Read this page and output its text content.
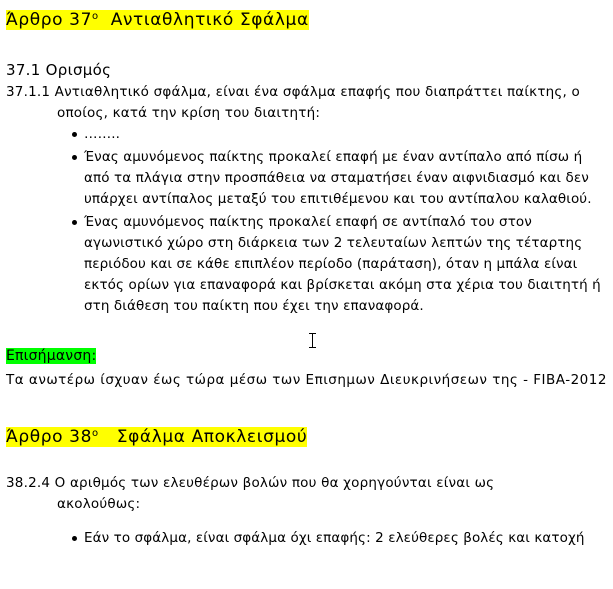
Άρθρο $37^o$ Αντιαθλητικό Σφάλμα
37.1 Ορισμός
37.1.1 Αντιαθλητικό σφάλμα, είναι ένα σφάλμα επαφής που διαπράττει παίκτης, ο
οποίος, κατά την κρίση του διαιτητή:
……..
Ένας αμυνόμενος παίκτης προκαλεί επαφή με έναν αντίπαλο από πίσω ή από τα πλάγια στην προσπάθεια να σταματήσει έναν αιφνιδιασμό και δεν υπάρχει αντίπαλος μεταξύ του επιτιθέμενου και του αντίπαλου καλαθιού.
Ένας αμυνόμενος παίκτης προκαλεί επαφή σε αντίπαλό του στον αγωνιστικό χώρο στη διάρκεια των 2 τελευταίων λεπτών της τέταρτης περιόδου και σε κάθε επιπλέον περίοδο (παράταση), όταν η μπάλα είναι εκτός ορίων για επαναφορά και βρίσκεται ακόμη στα χέρια του διαιτητή ή στη διάθεση του παίκτη που έχει την επαναφορά.
Επισήμανση:
Τα ανωτέρω ίσχυαν έως τώρα μέσω των Επισημων Διευκρινήσεων της - FIBA-2012
Άρθρο $38^o$ Σφάλμα Αποκλεισμού
38.2.4 Ο αριθμός των ελευθέρων βολών που θα χορηγούνται είναι ως
ακολούθως:
Εάν το σφάλμα, είναι σφάλμα όχι επαφής: 2 ελεύθερες βολές και κατοχή
